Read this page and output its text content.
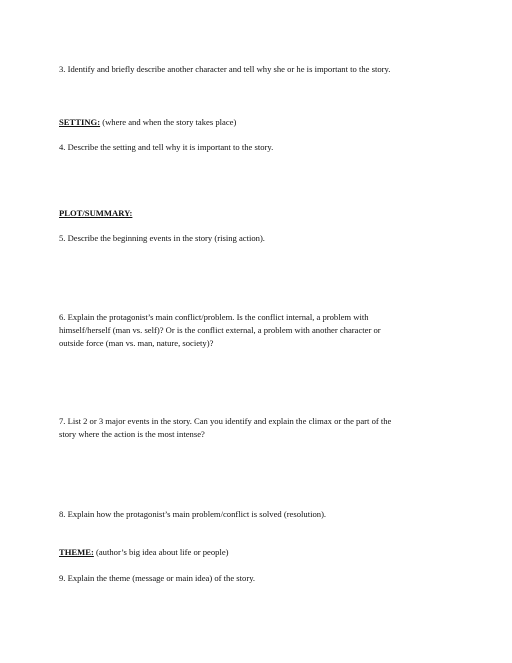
3. Identify and briefly describe another character and tell why she or he is important to the story.

SETTING: (where and when the story takes place)

4. Describe the setting and tell why it is important to the story.

PLOT/SUMMARY:

5. Describe the beginning events in the story (rising action).

6. Explain the protagonist’s main conflict/problem. Is the conflict internal, a problem with
himself/herself (man vs. self)? Or is the conflict external, a problem with another character or
outside force (man vs. man, nature, society)?

7. List 2 or 3 major events in the story. Can you identify and explain the climax or the part of the
story where the action is the most intense?

8. Explain how the protagonist’s main problem/conflict is solved (resolution).

THEME: (author’s big idea about life or people)

9. Explain the theme (message or main idea) of the story.
